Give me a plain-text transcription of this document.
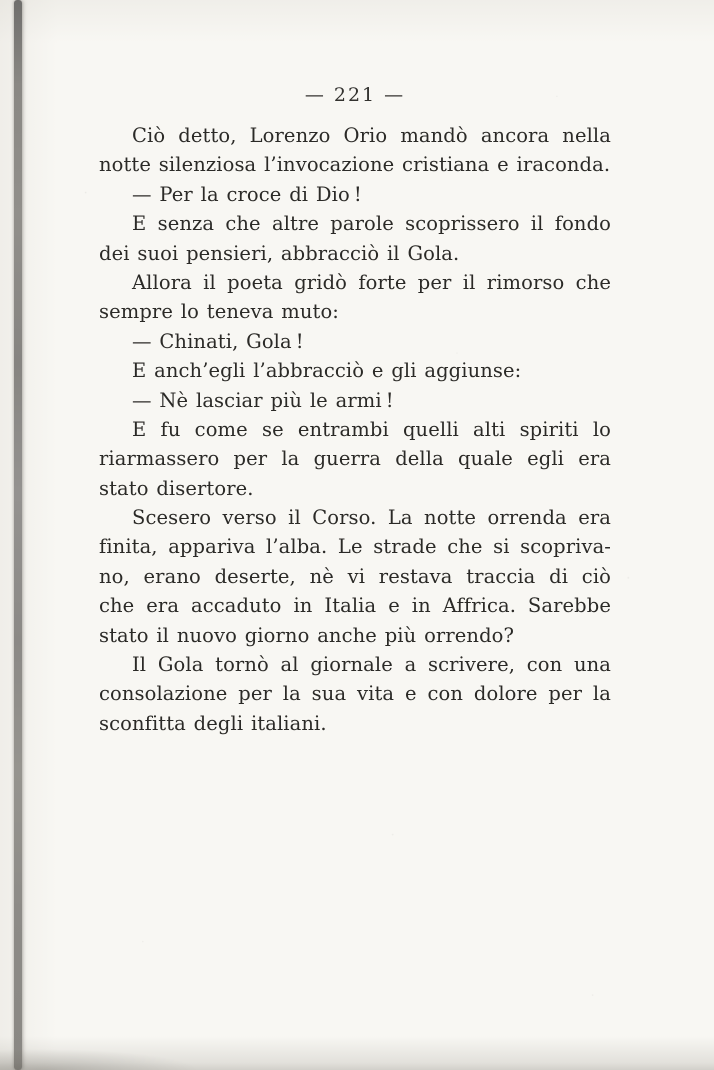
— 221 —
Ciò detto, Lorenzo Orio mandò ancora nella
notte silenziosa l’invocazione cristiana e iraconda.
— Per la croce di Dio !
E senza che altre parole scoprissero il fondo
dei suoi pensieri, abbracciò il Gola.
Allora il poeta gridò forte per il rimorso che
sempre lo teneva muto:
— Chinati, Gola !
E anch’egli l’abbracciò e gli aggiunse:
— Nè lasciar più le armi !
E fu come se entrambi quelli alti spiriti lo
riarmassero per la guerra della quale egli era
stato disertore.
Scesero verso il Corso. La notte orrenda era
finita, appariva l’alba. Le strade che si scopriva-
no, erano deserte, nè vi restava traccia di ciò
che era accaduto in Italia e in Affrica. Sarebbe
stato il nuovo giorno anche più orrendo?
Il Gola tornò al giornale a scrivere, con una
consolazione per la sua vita e con dolore per la
sconfitta degli italiani.
